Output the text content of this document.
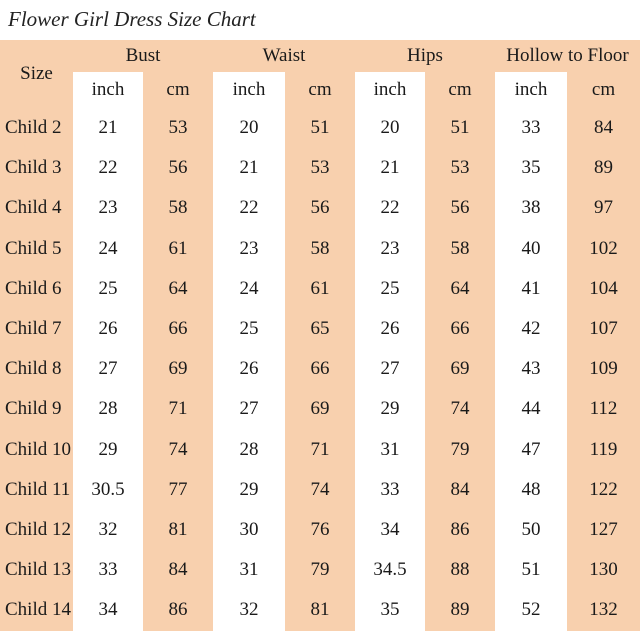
Flower Girl Dress Size Chart
Size
Bust	Waist	Hips	Hollow to Floor
inch	cm	inch	cm	inch	cm	inch	cm
Child 2	21	53	20	51	20	51	33	84
Child 3	22	56	21	53	21	53	35	89
Child 4	23	58	22	56	22	56	38	97
Child 5	24	61	23	58	23	58	40	102
Child 6	25	64	24	61	25	64	41	104
Child 7	26	66	25	65	26	66	42	107
Child 8	27	69	26	66	27	69	43	109
Child 9	28	71	27	69	29	74	44	112
Child 10	29	74	28	71	31	79	47	119
Child 11	30.5	77	29	74	33	84	48	122
Child 12	32	81	30	76	34	86	50	127
Child 13	33	84	31	79	34.5	88	51	130
Child 14	34	86	32	81	35	89	52	132
